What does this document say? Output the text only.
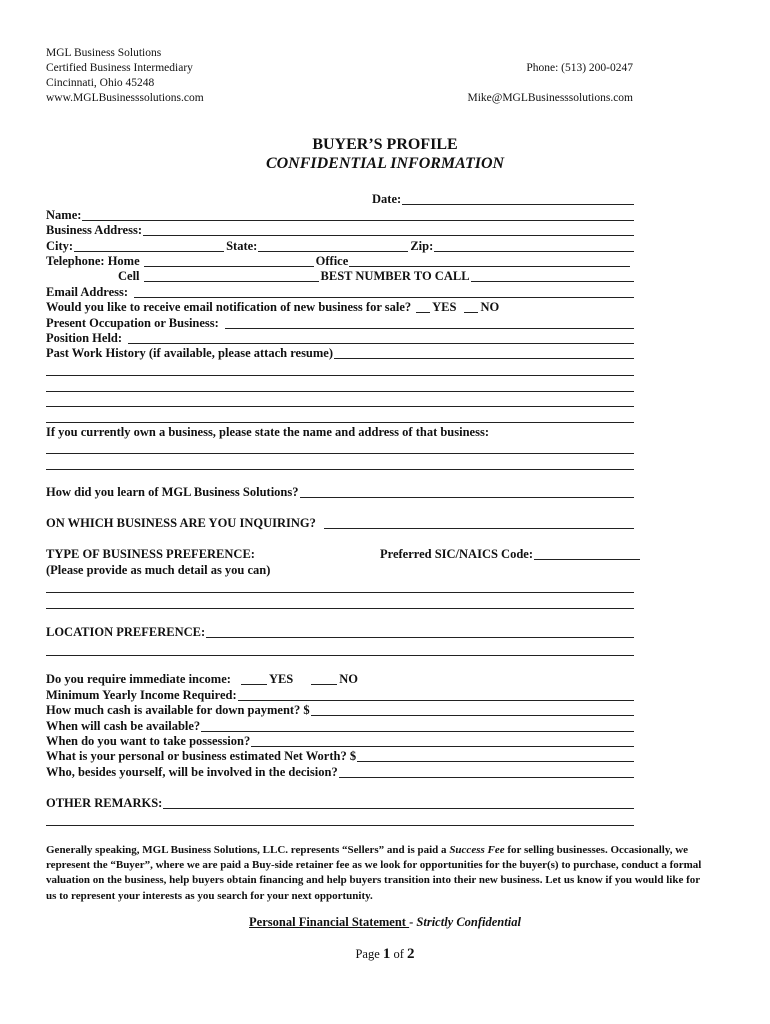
MGL Business Solutions
Certified Business Intermediary
Cincinnati, Ohio 45248
www.MGLBusinesssolutions.com
Phone: (513) 200-0247
Mike@MGLBusinesssolutions.com
BUYER’S PROFILE
CONFIDENTIAL INFORMATION
Date:
Name:
Business Address:
City:	State:	Zip:
Telephone: Home	Office
Cell	BEST NUMBER TO CALL
Email Address:
Would you like to receive email notification of new business for sale? YES NO
Present Occupation or Business:
Position Held:
Past Work History (if available, please attach resume)
If you currently own a business, please state the name and address of that business:
How did you learn of MGL Business Solutions?
ON WHICH BUSINESS ARE YOU INQUIRING?
TYPE OF BUSINESS PREFERENCE:	Preferred SIC/NAICS Code:
(Please provide as much detail as you can)
LOCATION PREFERENCE:
Do you require immediate income:	YES	NO
Minimum Yearly Income Required:
How much cash is available for down payment? $
When will cash be available?
When do you want to take possession?
What is your personal or business estimated Net Worth? $
Who, besides yourself, will be involved in the decision?
OTHER REMARKS:
Generally speaking, MGL Business Solutions, LLC. represents “Sellers” and is paid a Success Fee for selling businesses. Occasionally, we represent the “Buyer”, where we are paid a Buy-side retainer fee as we look for opportunities for the buyer(s) to purchase, conduct a formal valuation on the business, help buyers obtain financing and help buyers transition into their new business. Let us know if you would like for us to represent your interests as you search for your next opportunity.
Personal Financial Statement - Strictly Confidential
Page 1 of 2
